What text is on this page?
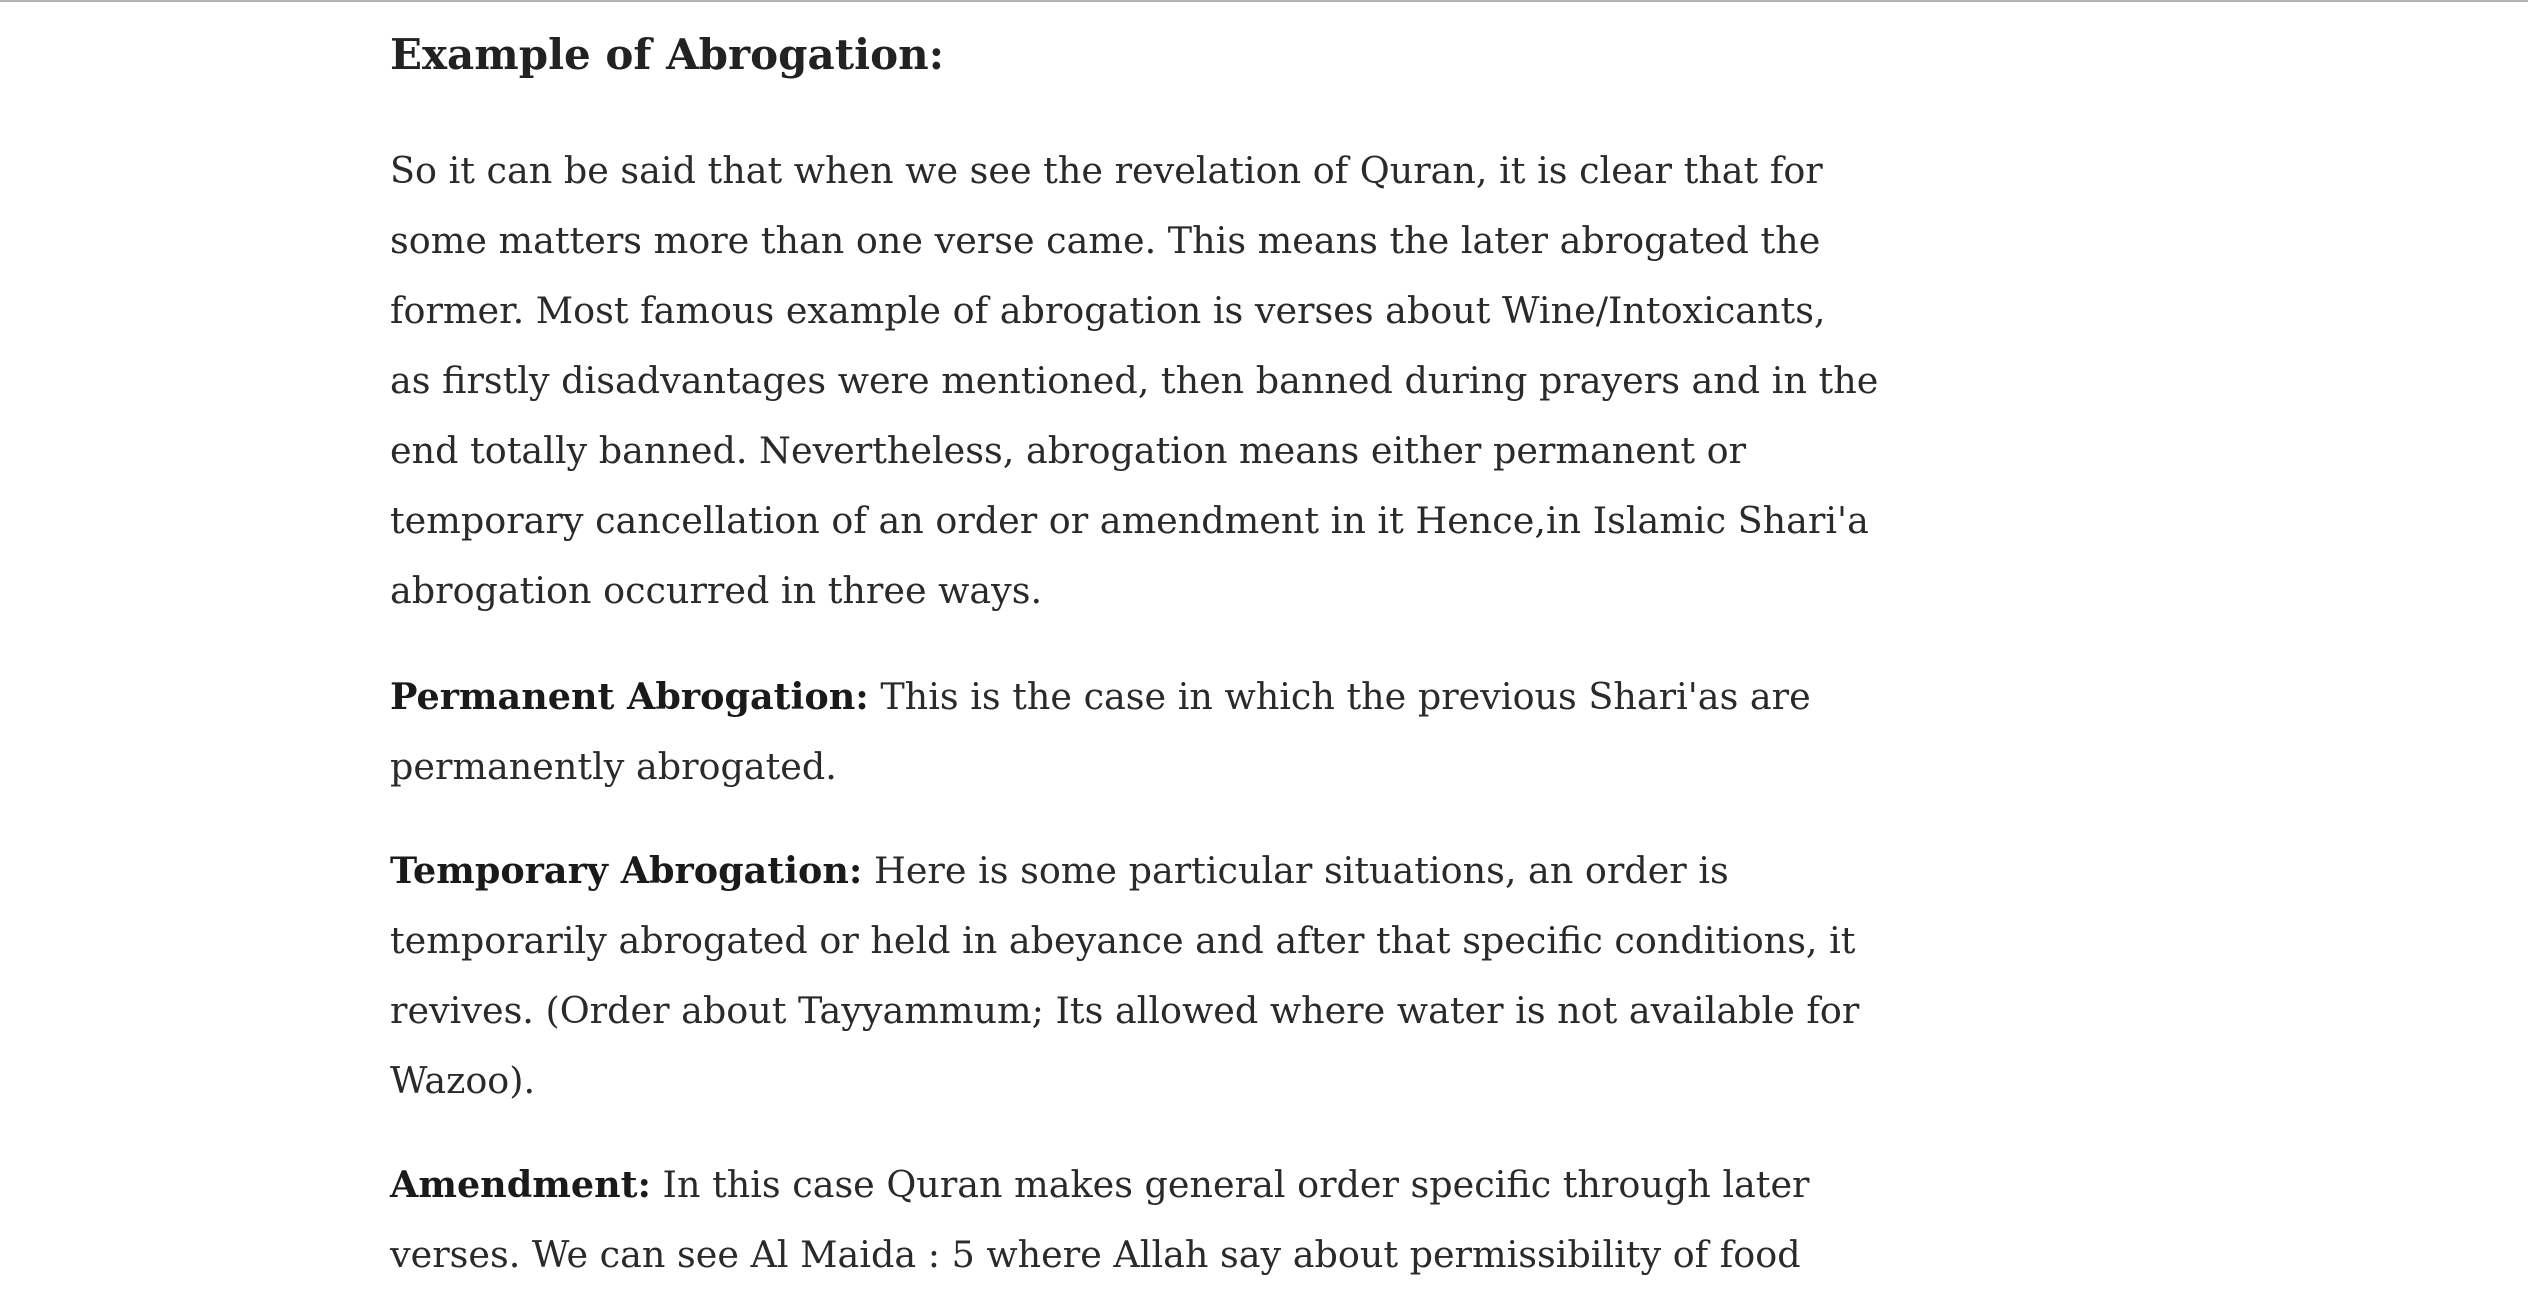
Example of Abrogation:

So it can be said that when we see the revelation of Quran, it is clear that for
some matters more than one verse came. This means the later abrogated the
former. Most famous example of abrogation is verses about Wine/Intoxicants,
as firstly disadvantages were mentioned, then banned during prayers and in the
end totally banned. Nevertheless, abrogation means either permanent or
temporary cancellation of an order or amendment in it Hence,in Islamic Shari'a
abrogation occurred in three ways.

Permanent Abrogation: This is the case in which the previous Shari'as are
permanently abrogated.

Temporary Abrogation: Here is some particular situations, an order is
temporarily abrogated or held in abeyance and after that specific conditions, it
revives. (Order about Tayyammum; Its allowed where water is not available for
Wazoo).

Amendment: In this case Quran makes general order specific through later
verses. We can see Al Maida : 5 where Allah say about permissibility of food
